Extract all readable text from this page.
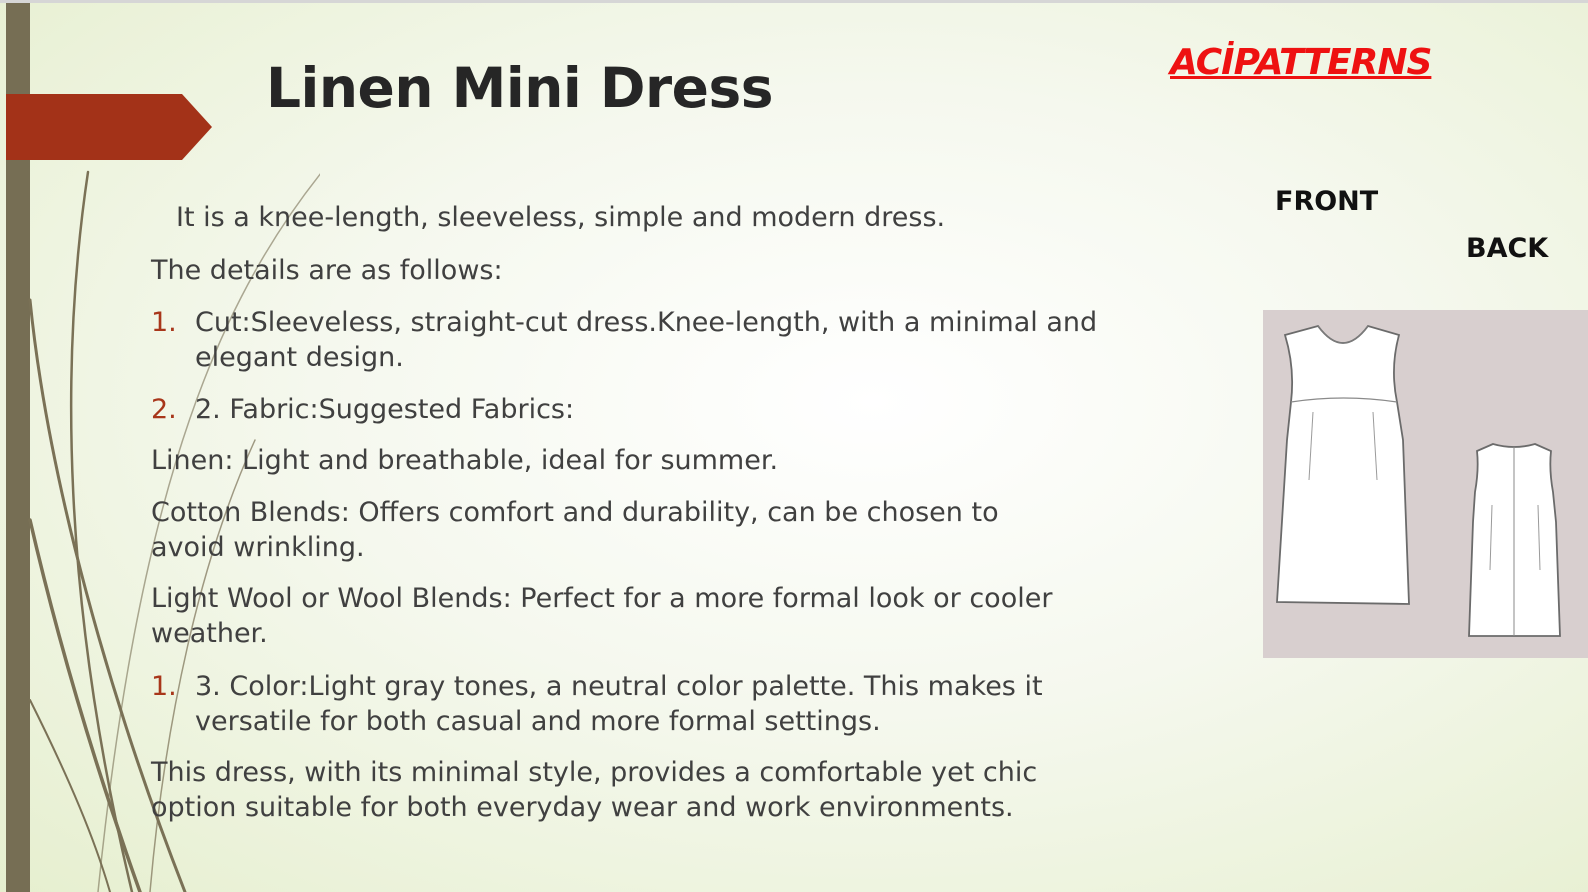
Linen Mini Dress	ACİPATTERNS
FRONT
BACK

It is a knee-length, sleeveless, simple and modern dress.

The details are as follows:

1. Cut:Sleeveless, straight-cut dress.Knee-length, with a minimal and

elegant design.

2. 2. Fabric:Suggested Fabrics:

Linen: Light and breathable, ideal for summer.

Cotton Blends: Offers comfort and durability, can be chosen to

avoid wrinkling.

Light Wool or Wool Blends: Perfect for a more formal look or cooler

weather.

1. 3. Color:Light gray tones, a neutral color palette. This makes it

versatile for both casual and more formal settings.

This dress, with its minimal style, provides a comfortable yet chic

option suitable for both everyday wear and work environments.
